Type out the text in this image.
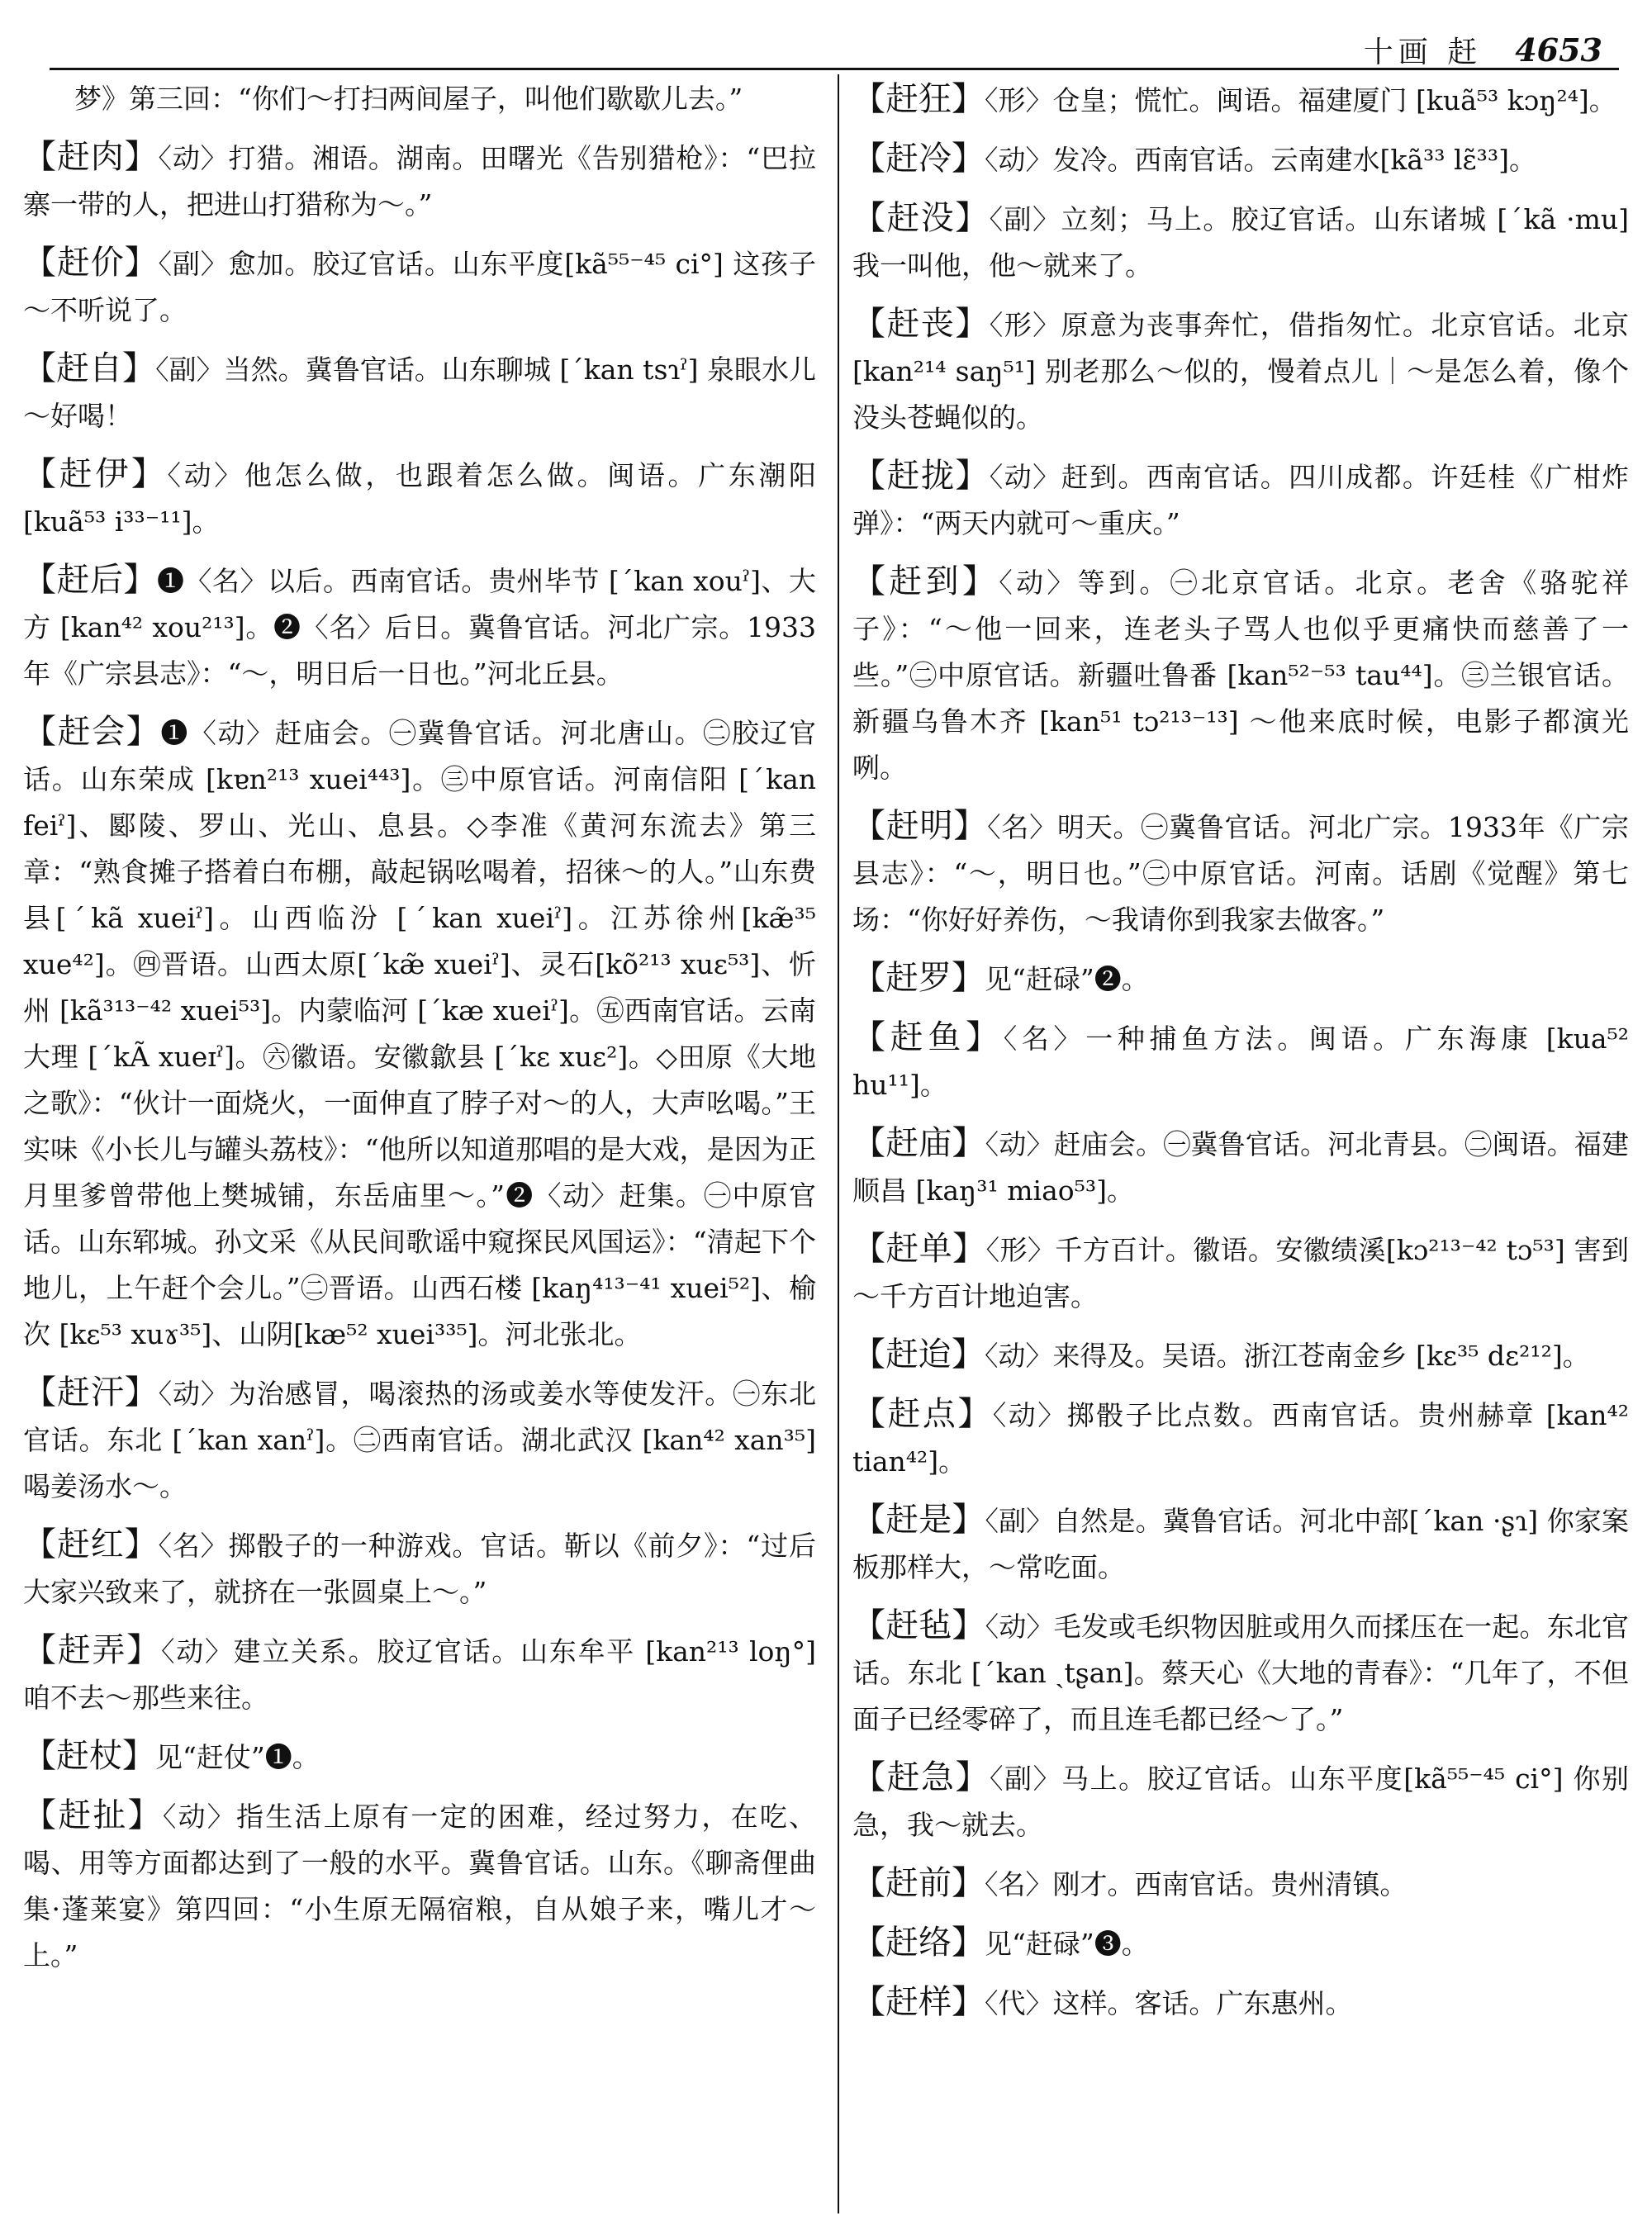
十画 赶 4653
梦》第三回：“你们～打扫两间屋子，叫他们歇歇儿去。”
【赶肉】〈动〉打猎。湘语。湖南。田曙光《告别猎枪》：“巴拉寨一带的人，把进山打猎称为～。”
【赶价】〈副〉愈加。胶辽官话。山东平度[kã⁵⁵⁻⁴⁵ ci°] 这孩子～不听说了。
【赶自】〈副〉当然。冀鲁官话。山东聊城 [ˊkan tsɿˀ] 泉眼水儿～好喝！
【赶伊】〈动〉他怎么做，也跟着怎么做。闽语。广东潮阳 [kuã⁵³ i³³⁻¹¹]。
【赶后】❶〈名〉以后。西南官话。贵州毕节 [ˊkan xouˀ]、大方 [kan⁴² xou²¹³]。❷〈名〉后日。冀鲁官话。河北广宗。1933年《广宗县志》：“～，明日后一日也。”河北丘县。
【赶会】❶〈动〉赶庙会。㊀冀鲁官话。河北唐山。㊁胶辽官话。山东荣成 [kɐn²¹³ xuei⁴⁴³]。㊂中原官话。河南信阳 [ˊkan feiˀ]、郾陵、罗山、光山、息县。◇李准《黄河东流去》第三章：“熟食摊子搭着白布棚，敲起锅吆喝着，招徕～的人。”山东费县[ˊkã xueiˀ]。山西临汾 [ˊkan xueiˀ]。江苏徐州[kæ̃³⁵ xue⁴²]。㊃晋语。山西太原[ˊkæ̃ xueiˀ]、灵石[kõ²¹³ xuɛ⁵³]、忻州 [kã³¹³⁻⁴² xuei⁵³]。内蒙临河 [ˊkæ xueiˀ]。㊄西南官话。云南大理 [ˊkÃ xueɪˀ]。㊅徽语。安徽歙县 [ˊkɛ xuɛ²]。◇田原《大地之歌》：“伙计一面烧火，一面伸直了脖子对～的人，大声吆喝。”王实味《小长儿与罐头荔枝》：“他所以知道那唱的是大戏，是因为正月里爹曾带他上樊城铺，东岳庙里～。”❷〈动〉赶集。㊀中原官话。山东郓城。孙文采《从民间歌谣中窥探民风国运》：“清起下个地儿，上午赶个会儿。”㊁晋语。山西石楼 [kaŋ⁴¹³⁻⁴¹ xuei⁵²]、榆次 [kɛ⁵³ xuɤ³⁵]、山阴[kæ⁵² xuei³³⁵]。河北张北。
【赶汗】〈动〉为治感冒，喝滚热的汤或姜水等使发汗。㊀东北官话。东北 [ˊkan xanˀ]。㊁西南官话。湖北武汉 [kan⁴² xan³⁵] 喝姜汤水～。
【赶红】〈名〉掷骰子的一种游戏。官话。靳以《前夕》：“过后大家兴致来了，就挤在一张圆桌上～。”
【赶弄】〈动〉建立关系。胶辽官话。山东牟平 [kan²¹³ loŋ°] 咱不去～那些来往。
【赶杖】见“赶仗”❶。
【赶扯】〈动〉指生活上原有一定的困难，经过努力，在吃、喝、用等方面都达到了一般的水平。冀鲁官话。山东。《聊斋俚曲集·蓬莱宴》第四回：“小生原无隔宿粮，自从娘子来，嘴儿才～上。”
【赶狂】〈形〉仓皇；慌忙。闽语。福建厦门 [kuã⁵³ kɔŋ²⁴]。
【赶冷】〈动〉发冷。西南官话。云南建水[kã³³ lɛ̃³³]。
【赶没】〈副〉立刻；马上。胶辽官话。山东诸城 [ˊkã ·mu] 我一叫他，他～就来了。
【赶丧】〈形〉原意为丧事奔忙，借指匆忙。北京官话。北京 [kan²¹⁴ saŋ⁵¹] 别老那么～似的，慢着点儿｜～是怎么着，像个没头苍蝇似的。
【赶拢】〈动〉赶到。西南官话。四川成都。许廷桂《广柑炸弹》：“两天内就可～重庆。”
【赶到】〈动〉等到。㊀北京官话。北京。老舍《骆驼祥子》：“～他一回来，连老头子骂人也似乎更痛快而慈善了一些。”㊁中原官话。新疆吐鲁番 [kan⁵²⁻⁵³ tau⁴⁴]。㊂兰银官话。新疆乌鲁木齐 [kan⁵¹ tɔ²¹³⁻¹³] ～他来底时候，电影子都演光咧。
【赶明】〈名〉明天。㊀冀鲁官话。河北广宗。1933年《广宗县志》：“～，明日也。”㊁中原官话。河南。话剧《觉醒》第七场：“你好好养伤，～我请你到我家去做客。”
【赶罗】见“赶碌”❷。
【赶鱼】〈名〉一种捕鱼方法。闽语。广东海康 [kua⁵² hu¹¹]。
【赶庙】〈动〉赶庙会。㊀冀鲁官话。河北青县。㊁闽语。福建顺昌 [kaŋ³¹ miao⁵³]。
【赶单】〈形〉千方百计。徽语。安徽绩溪[kɔ²¹³⁻⁴² tɔ⁵³] 害到～千方百计地迫害。
【赶迨】〈动〉来得及。吴语。浙江苍南金乡 [kɛ³⁵ dɛ²¹²]。
【赶点】〈动〉掷骰子比点数。西南官话。贵州赫章 [kan⁴² tian⁴²]。
【赶是】〈副〉自然是。冀鲁官话。河北中部[ˊkan ·ʂɿ] 你家案板那样大，～常吃面。
【赶毡】〈动〉毛发或毛织物因脏或用久而揉压在一起。东北官话。东北 [ˊkan ˏtʂan]。蔡天心《大地的青春》：“几年了，不但面子已经零碎了，而且连毛都已经～了。”
【赶急】〈副〉马上。胶辽官话。山东平度[kã⁵⁵⁻⁴⁵ ci°] 你别急，我～就去。
【赶前】〈名〉刚才。西南官话。贵州清镇。
【赶络】见“赶碌”❸。
【赶样】〈代〉这样。客话。广东惠州。
